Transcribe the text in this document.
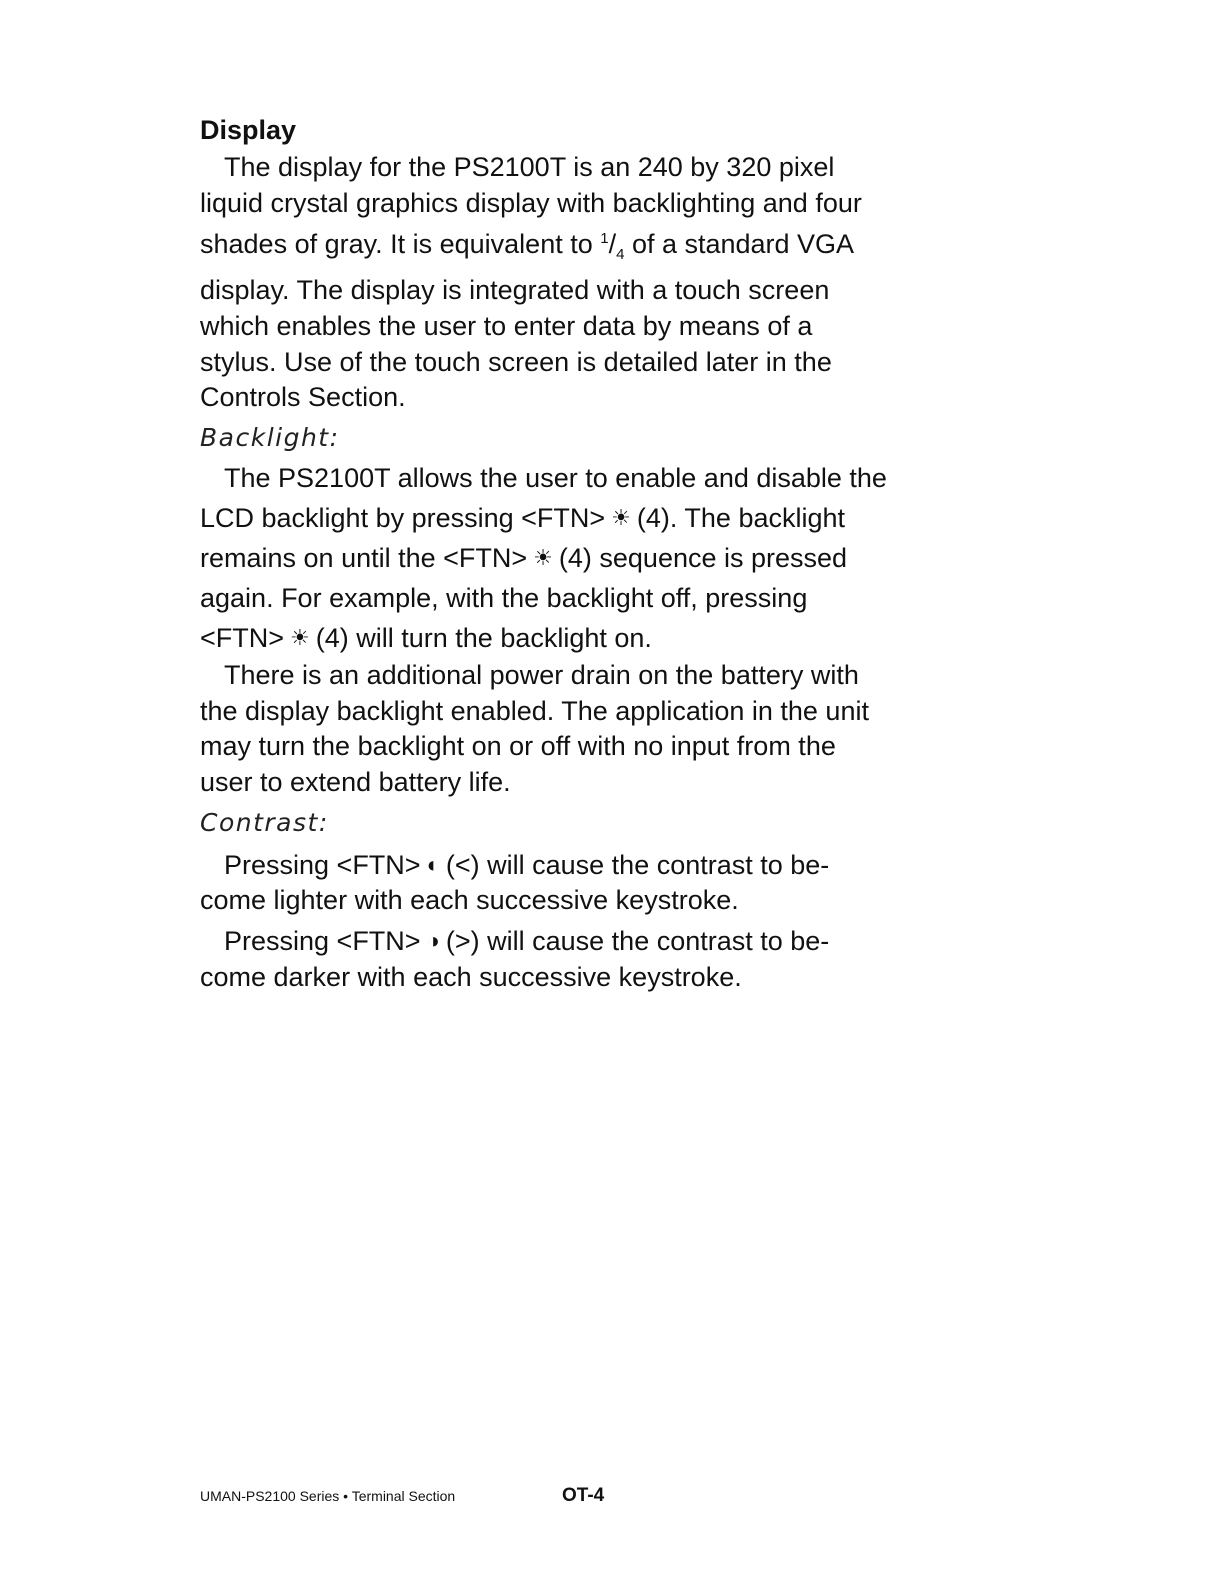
Display
The display for the PS2100T is an 240 by 320 pixel
liquid crystal graphics display with backlighting and four
shades of gray. It is equivalent to $^1/_4$ of a standard VGA
display. The display is integrated with a touch screen
which enables the user to enter data by means of a
stylus. Use of the touch screen is detailed later in the
Controls Section.
Backlight:
The PS2100T allows the user to enable and disable the
LCD backlight by pressing <FTN> ☀ (4). The backlight
remains on until the <FTN> ☀ (4) sequence is pressed
again. For example, with the backlight off, pressing
<FTN> ☀ (4) will turn the backlight on.
There is an additional power drain on the battery with
the display backlight enabled. The application in the unit
may turn the backlight on or off with no input from the
user to extend battery life.
Contrast:
Pressing <FTN> ◐ (<) will cause the contrast to be-
come lighter with each successive keystroke.
Pressing <FTN> ◑ (>) will cause the contrast to be-
come darker with each successive keystroke.
UMAN-PS2100 Series • Terminal Section	OT-4
